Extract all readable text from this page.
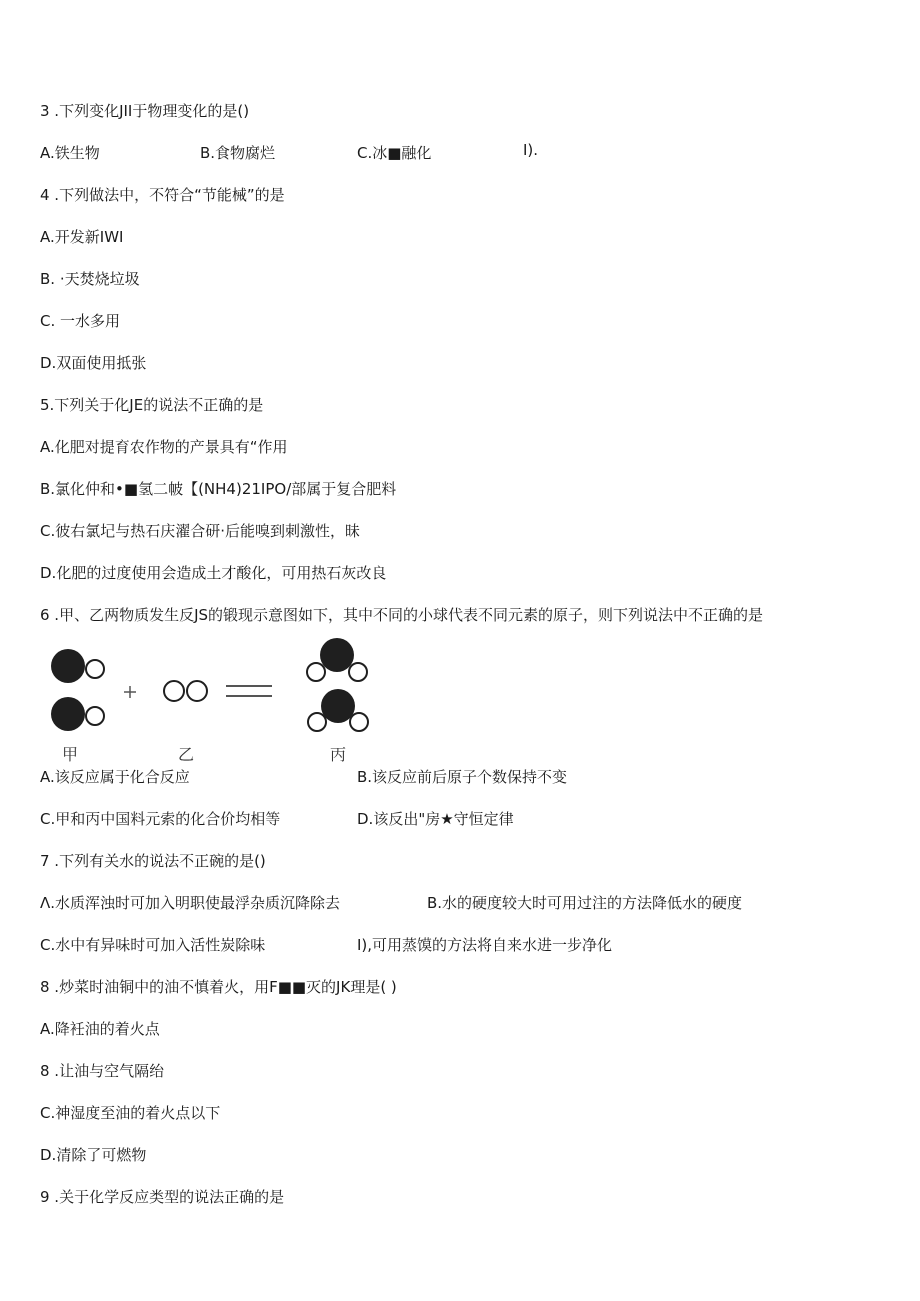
3 .下列变化JII于物理变化的是()
A.铁生物	B.食物腐烂	C.冰■融化	I).
4 .下列做法中，不符合“节能械”的是
A.开发新IWI
B. ·天焚烧垃圾
C. 一水多用
D.双面使用抵张
5.下列关于化JE的说法不正确的是
A.化肥对提育农作物的产景具有“作用
B.氯化仲和•■氢二帔【(NH4)21IPO/部属于复合肥料
C.彼右氯圮与热石庆濯合研·后能嗅到刺激性，昧
D.化肥的过度使用会造成土才酸化，可用热石灰改良
6 .甲、乙两物质发生反JS的锻现示意图如下，其中不同的小球代表不同元素的原子，则下列说法中不正确的是
甲	乙	丙
A.该反应属于化合反应	B.该反应前后原子个数保持不变
C.甲和丙中国料元索的化合价均相等	D.该反出"房★守恒定律
7 .下列有关水的说法不正碗的是()
Λ.水质浑浊时可加入明职使最浮杂质沉降除去	B.水的硬度较大时可用过注的方法降低水的硬度
C.水中有异味时可加入活性炭除味	I),可用蒸馍的方法将自来水进一步净化
8 .炒菜时油铜中的油不慎着火，用F■■灭的JK理是( )
A.降衽油的着火点
8 .让油与空气隔绐
C.神湿度至油的着火点以下
D.清除了可燃物
9 .关于化学反应类型的说法正确的是
